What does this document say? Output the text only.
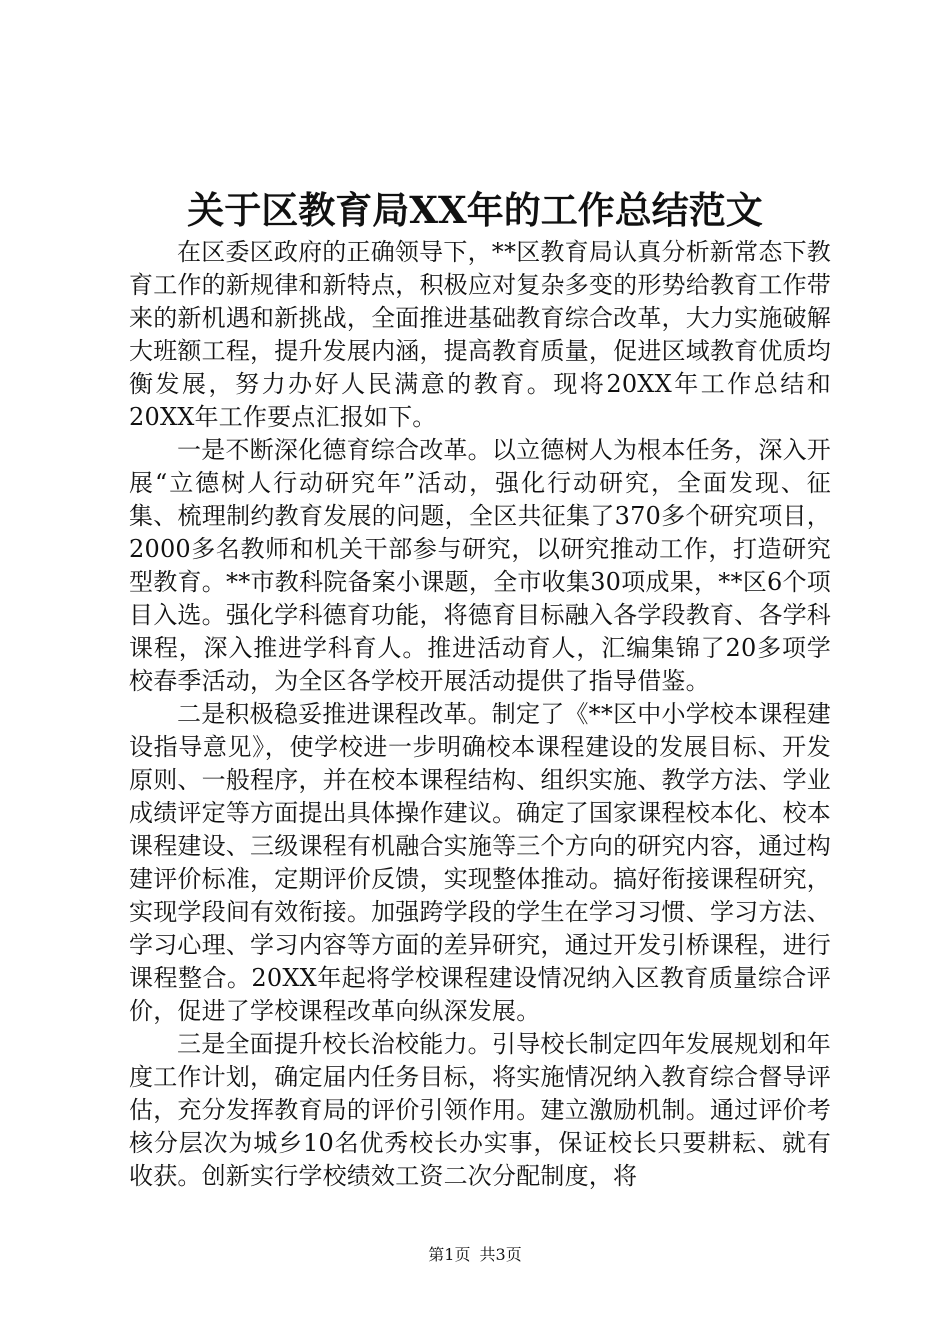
关于区教育局XX年的工作总结范文

在区委区政府的正确领导下，**区教育局认真分析新常态下教育工作的新规律和新特点，积极应对复杂多变的形势给教育工作带来的新机遇和新挑战，全面推进基础教育综合改革，大力实施破解大班额工程，提升发展内涵，提高教育质量，促进区域教育优质均衡发展，努力办好人民满意的教育。现将20XX年工作总结和20XX年工作要点汇报如下。

一是不断深化德育综合改革。以立德树人为根本任务，深入开展“立德树人行动研究年”活动，强化行动研究，全面发现、征集、梳理制约教育发展的问题，全区共征集了370多个研究项目，2000多名教师和机关干部参与研究，以研究推动工作，打造研究型教育。**市教科院备案小课题，全市收集30项成果，**区6个项目入选。强化学科德育功能，将德育目标融入各学段教育、各学科课程，深入推进学科育人。推进活动育人，汇编集锦了20多项学校春季活动，为全区各学校开展活动提供了指导借鉴。

二是积极稳妥推进课程改革。制定了《**区中小学校本课程建设指导意见》，使学校进一步明确校本课程建设的发展目标、开发原则、一般程序，并在校本课程结构、组织实施、教学方法、学业成绩评定等方面提出具体操作建议。确定了国家课程校本化、校本课程建设、三级课程有机融合实施等三个方向的研究内容，通过构建评价标准，定期评价反馈，实现整体推动。搞好衔接课程研究，实现学段间有效衔接。加强跨学段的学生在学习习惯、学习方法、学习心理、学习内容等方面的差异研究，通过开发引桥课程，进行课程整合。20XX年起将学校课程建设情况纳入区教育质量综合评价，促进了学校课程改革向纵深发展。

三是全面提升校长治校能力。引导校长制定四年发展规划和年度工作计划，确定届内任务目标，将实施情况纳入教育综合督导评估，充分发挥教育局的评价引领作用。建立激励机制。通过评价考核分层次为城乡10名优秀校长办实事，保证校长只要耕耘、就有收获。创新实行学校绩效工资二次分配制度，将

第1页 共3页
